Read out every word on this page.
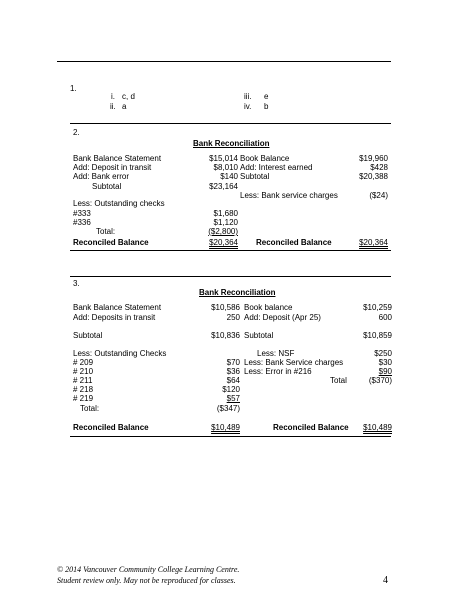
1.
i. c, d	iii. e
ii. a	iv. b
2.
Bank Reconciliation
Bank Balance Statement	$15,014 Book Balance	$19,960
Add: Deposit in transit	$8,010 Add: Interest earned	$428
Add: Bank error	$140 Subtotal	$20,388
Subtotal	$23,164
Less: Bank service charges	($24)
Less: Outstanding checks
#333	$1,680
#336	$1,120
Total:	($2,800)
Reconciled Balance	$20,364 Reconciled Balance	$20,364
3.
Bank Reconciliation
Bank Balance Statement	$10,586 Book balance	$10,259
Add: Deposits in transit	250 Add: Deposit (Apr 25)	600
Subtotal	$10,836 Subtotal	$10,859
Less: Outstanding Checks	Less: NSF	$250
# 209	$70 Less: Bank Service charges	$30
# 210	$36 Less: Error in #216	$90
# 211	$64	Total	($370)
# 218	$120
# 219	$57
Total:	($347)
Reconciled Balance	$10,489	Reconciled Balance	$10,489
© 2014 Vancouver Community College Learning Centre.
Student review only. May not be reproduced for classes.	4
